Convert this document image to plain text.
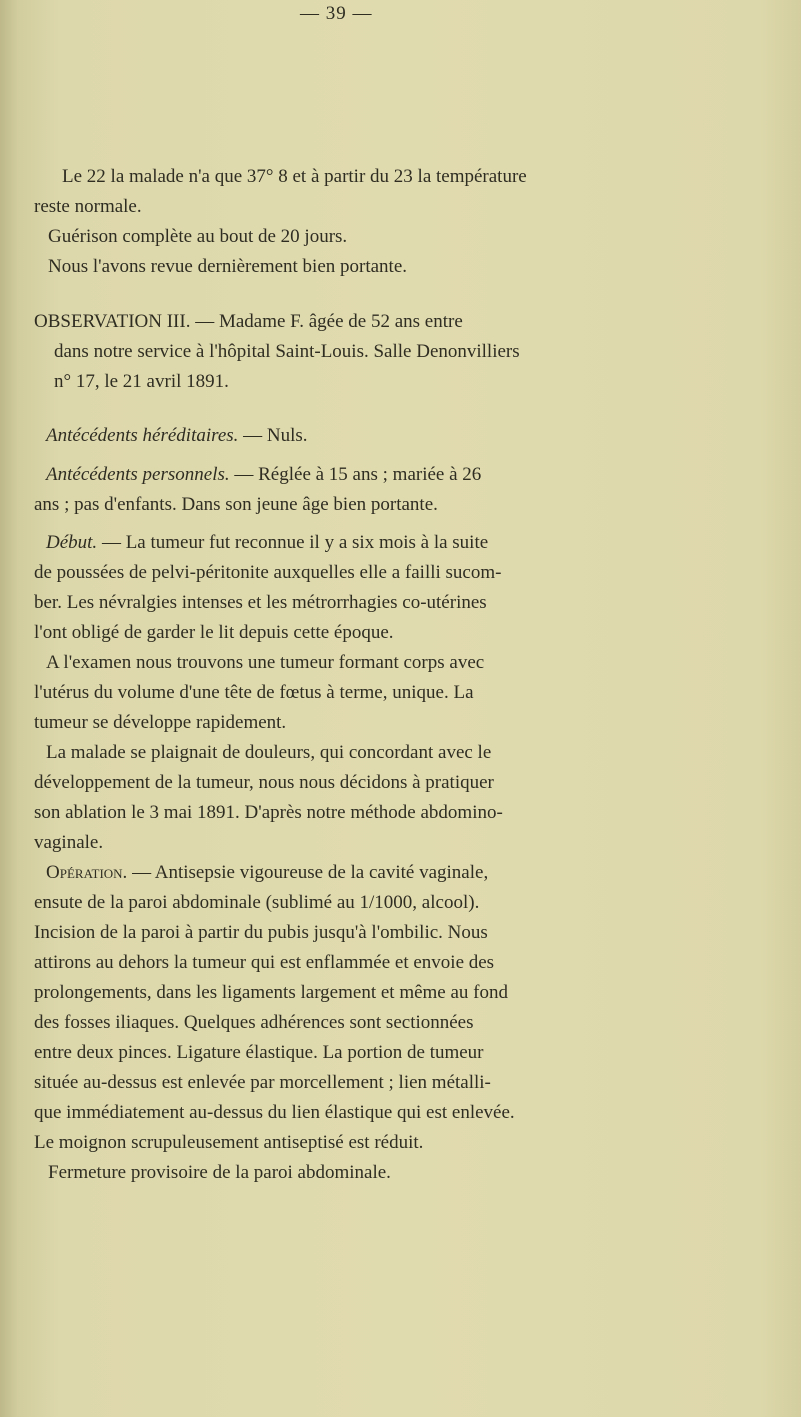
— 39 —
Le 22 la malade n'a que 37° 8 et à partir du 23 la température
reste normale.
Guérison complète au bout de 20 jours.
Nous l'avons revue dernièrement bien portante.
OBSERVATION III. — Madame F. âgée de 52 ans entre
dans notre service à l'hôpital Saint-Louis. Salle Denonvilliers
n° 17, le 21 avril 1891.
Antécédents héréditaires. — Nuls.
Antécédents personnels. — Réglée à 15 ans ; mariée à 26
ans ; pas d'enfants. Dans son jeune âge bien portante.
Début. — La tumeur fut reconnue il y a six mois à la suite
de poussées de pelvi-péritonite auxquelles elle a failli sucom-
ber. Les névralgies intenses et les métrorrhagies co-utérines
l'ont obligé de garder le lit depuis cette époque.
A l'examen nous trouvons une tumeur formant corps avec
l'utérus du volume d'une tête de fœtus à terme, unique. La
tumeur se développe rapidement.
La malade se plaignait de douleurs, qui concordant avec le
développement de la tumeur, nous nous décidons à pratiquer
son ablation le 3 mai 1891. D'après notre méthode abdomino-
vaginale.
Opération. — Antisepsie vigoureuse de la cavité vaginale,
ensute de la paroi abdominale (sublimé au 1/1000, alcool).
Incision de la paroi à partir du pubis jusqu'à l'ombilic. Nous
attirons au dehors la tumeur qui est enflammée et envoie des
prolongements, dans les ligaments largement et même au fond
des fosses iliaques. Quelques adhérences sont sectionnées
entre deux pinces. Ligature élastique. La portion de tumeur
située au-dessus est enlevée par morcellement ; lien métalli-
que immédiatement au-dessus du lien élastique qui est enlevée.
Le moignon scrupuleusement antiseptisé est réduit.
Fermeture provisoire de la paroi abdominale.
